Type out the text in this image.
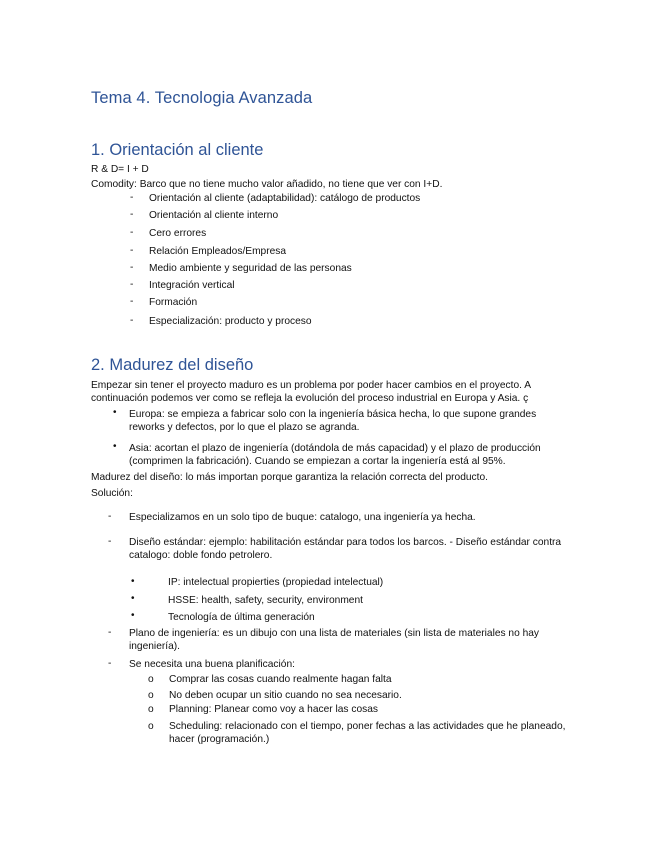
Tema 4. Tecnologia Avanzada
1. Orientación al cliente
R & D= I + D
Comodity: Barco que no tiene mucho valor añadido, no tiene que ver con I+D.
- Orientación al cliente (adaptabilidad): catálogo de productos
- Orientación al cliente interno
- Cero errores
- Relación Empleados/Empresa
- Medio ambiente y seguridad de las personas
- Integración vertical
- Formación
- Especialización: producto y proceso
2. Madurez del diseño
Empezar sin tener el proyecto maduro es un problema por poder hacer cambios en el proyecto. A continuación podemos ver como se refleja la evolución del proceso industrial en Europa y Asia. ç
• Europa: se empieza a fabricar solo con la ingeniería básica hecha, lo que supone grandes reworks y defectos, por lo que el plazo se agranda.
• Asia: acortan el plazo de ingeniería (dotándola de más capacidad) y el plazo de producción (comprimen la fabricación). Cuando se empiezan a cortar la ingeniería está al 95%.
Madurez del diseño: lo más importan porque garantiza la relación correcta del producto.
Solución:
- Especializamos en un solo tipo de buque: catalogo, una ingeniería ya hecha.
- Diseño estándar: ejemplo: habilitación estándar para todos los barcos. - Diseño estándar contra catalogo: doble fondo petrolero.
•	IP: intelectual propierties (propiedad intelectual)
•	HSSE: health, safety, security, environment
•	Tecnología de última generación
- Plano de ingeniería: es un dibujo con una lista de materiales (sin lista de materiales no hay ingeniería).
- Se necesita una buena planificación:
o Comprar las cosas cuando realmente hagan falta
o No deben ocupar un sitio cuando no sea necesario.
o Planning: Planear como voy a hacer las cosas
o Scheduling: relacionado con el tiempo, poner fechas a las actividades que he planeado, hacer (programación.)
